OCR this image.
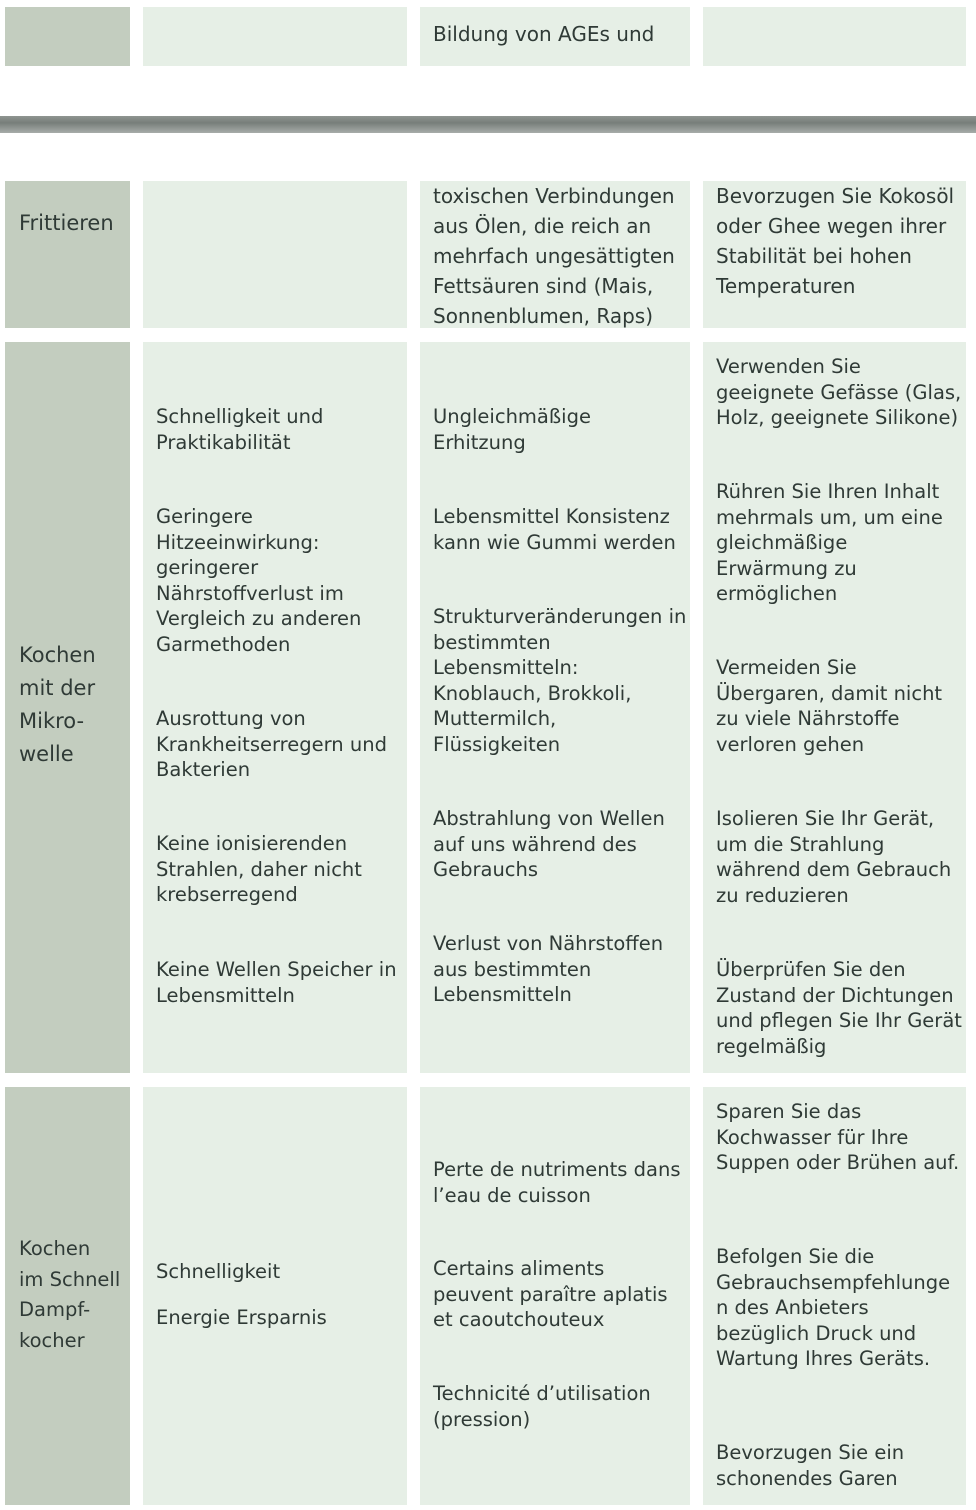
Bildung von AGEs und

Frittieren

toxischen Verbindungen
aus Ölen, die reich an
mehrfach ungesättigten
Fettsäuren sind (Mais,
Sonnenblumen, Raps)

Bevorzugen Sie Kokosöl
oder Ghee wegen ihrer
Stabilität bei hohen
Temperaturen

Kochen
mit der
Mikro-
welle

Schnelligkeit und
Praktikabilität

Geringere
Hitzeeinwirkung:
geringerer
Nährstoffverlust im
Vergleich zu anderen
Garmethoden

Ausrottung von
Krankheitserregern und
Bakterien

Keine ionisierenden
Strahlen, daher nicht
krebserregend

Keine Wellen Speicher in
Lebensmitteln

Ungleichmäßige
Erhitzung

Lebensmittel Konsistenz
kann wie Gummi werden

Strukturveränderungen in
bestimmten
Lebensmitteln:
Knoblauch, Brokkoli,
Muttermilch,
Flüssigkeiten

Abstrahlung von Wellen
auf uns während des
Gebrauchs

Verlust von Nährstoffen
aus bestimmten
Lebensmitteln

Verwenden Sie
geeignete Gefässe (Glas,
Holz, geeignete Silikone)

Rühren Sie Ihren Inhalt
mehrmals um, um eine
gleichmäßige
Erwärmung zu
ermöglichen

Vermeiden Sie
Übergaren, damit nicht
zu viele Nährstoffe
verloren gehen

Isolieren Sie Ihr Gerät,
um die Strahlung
während dem Gebrauch
zu reduzieren

Überprüfen Sie den
Zustand der Dichtungen
und pflegen Sie Ihr Gerät
regelmäßig

Kochen
im Schnell
Dampf-
kocher

Schnelligkeit

Energie Ersparnis

Perte de nutriments dans
l’eau de cuisson

Certains aliments
peuvent paraître aplatis
et caoutchouteux

Technicité d’utilisation
(pression)

Sparen Sie das
Kochwasser für Ihre
Suppen oder Brühen auf.

Befolgen Sie die
Gebrauchsempfehlunge
n des Anbieters
bezüglich Druck und
Wartung Ihres Geräts.

Bevorzugen Sie ein
schonendes Garen
